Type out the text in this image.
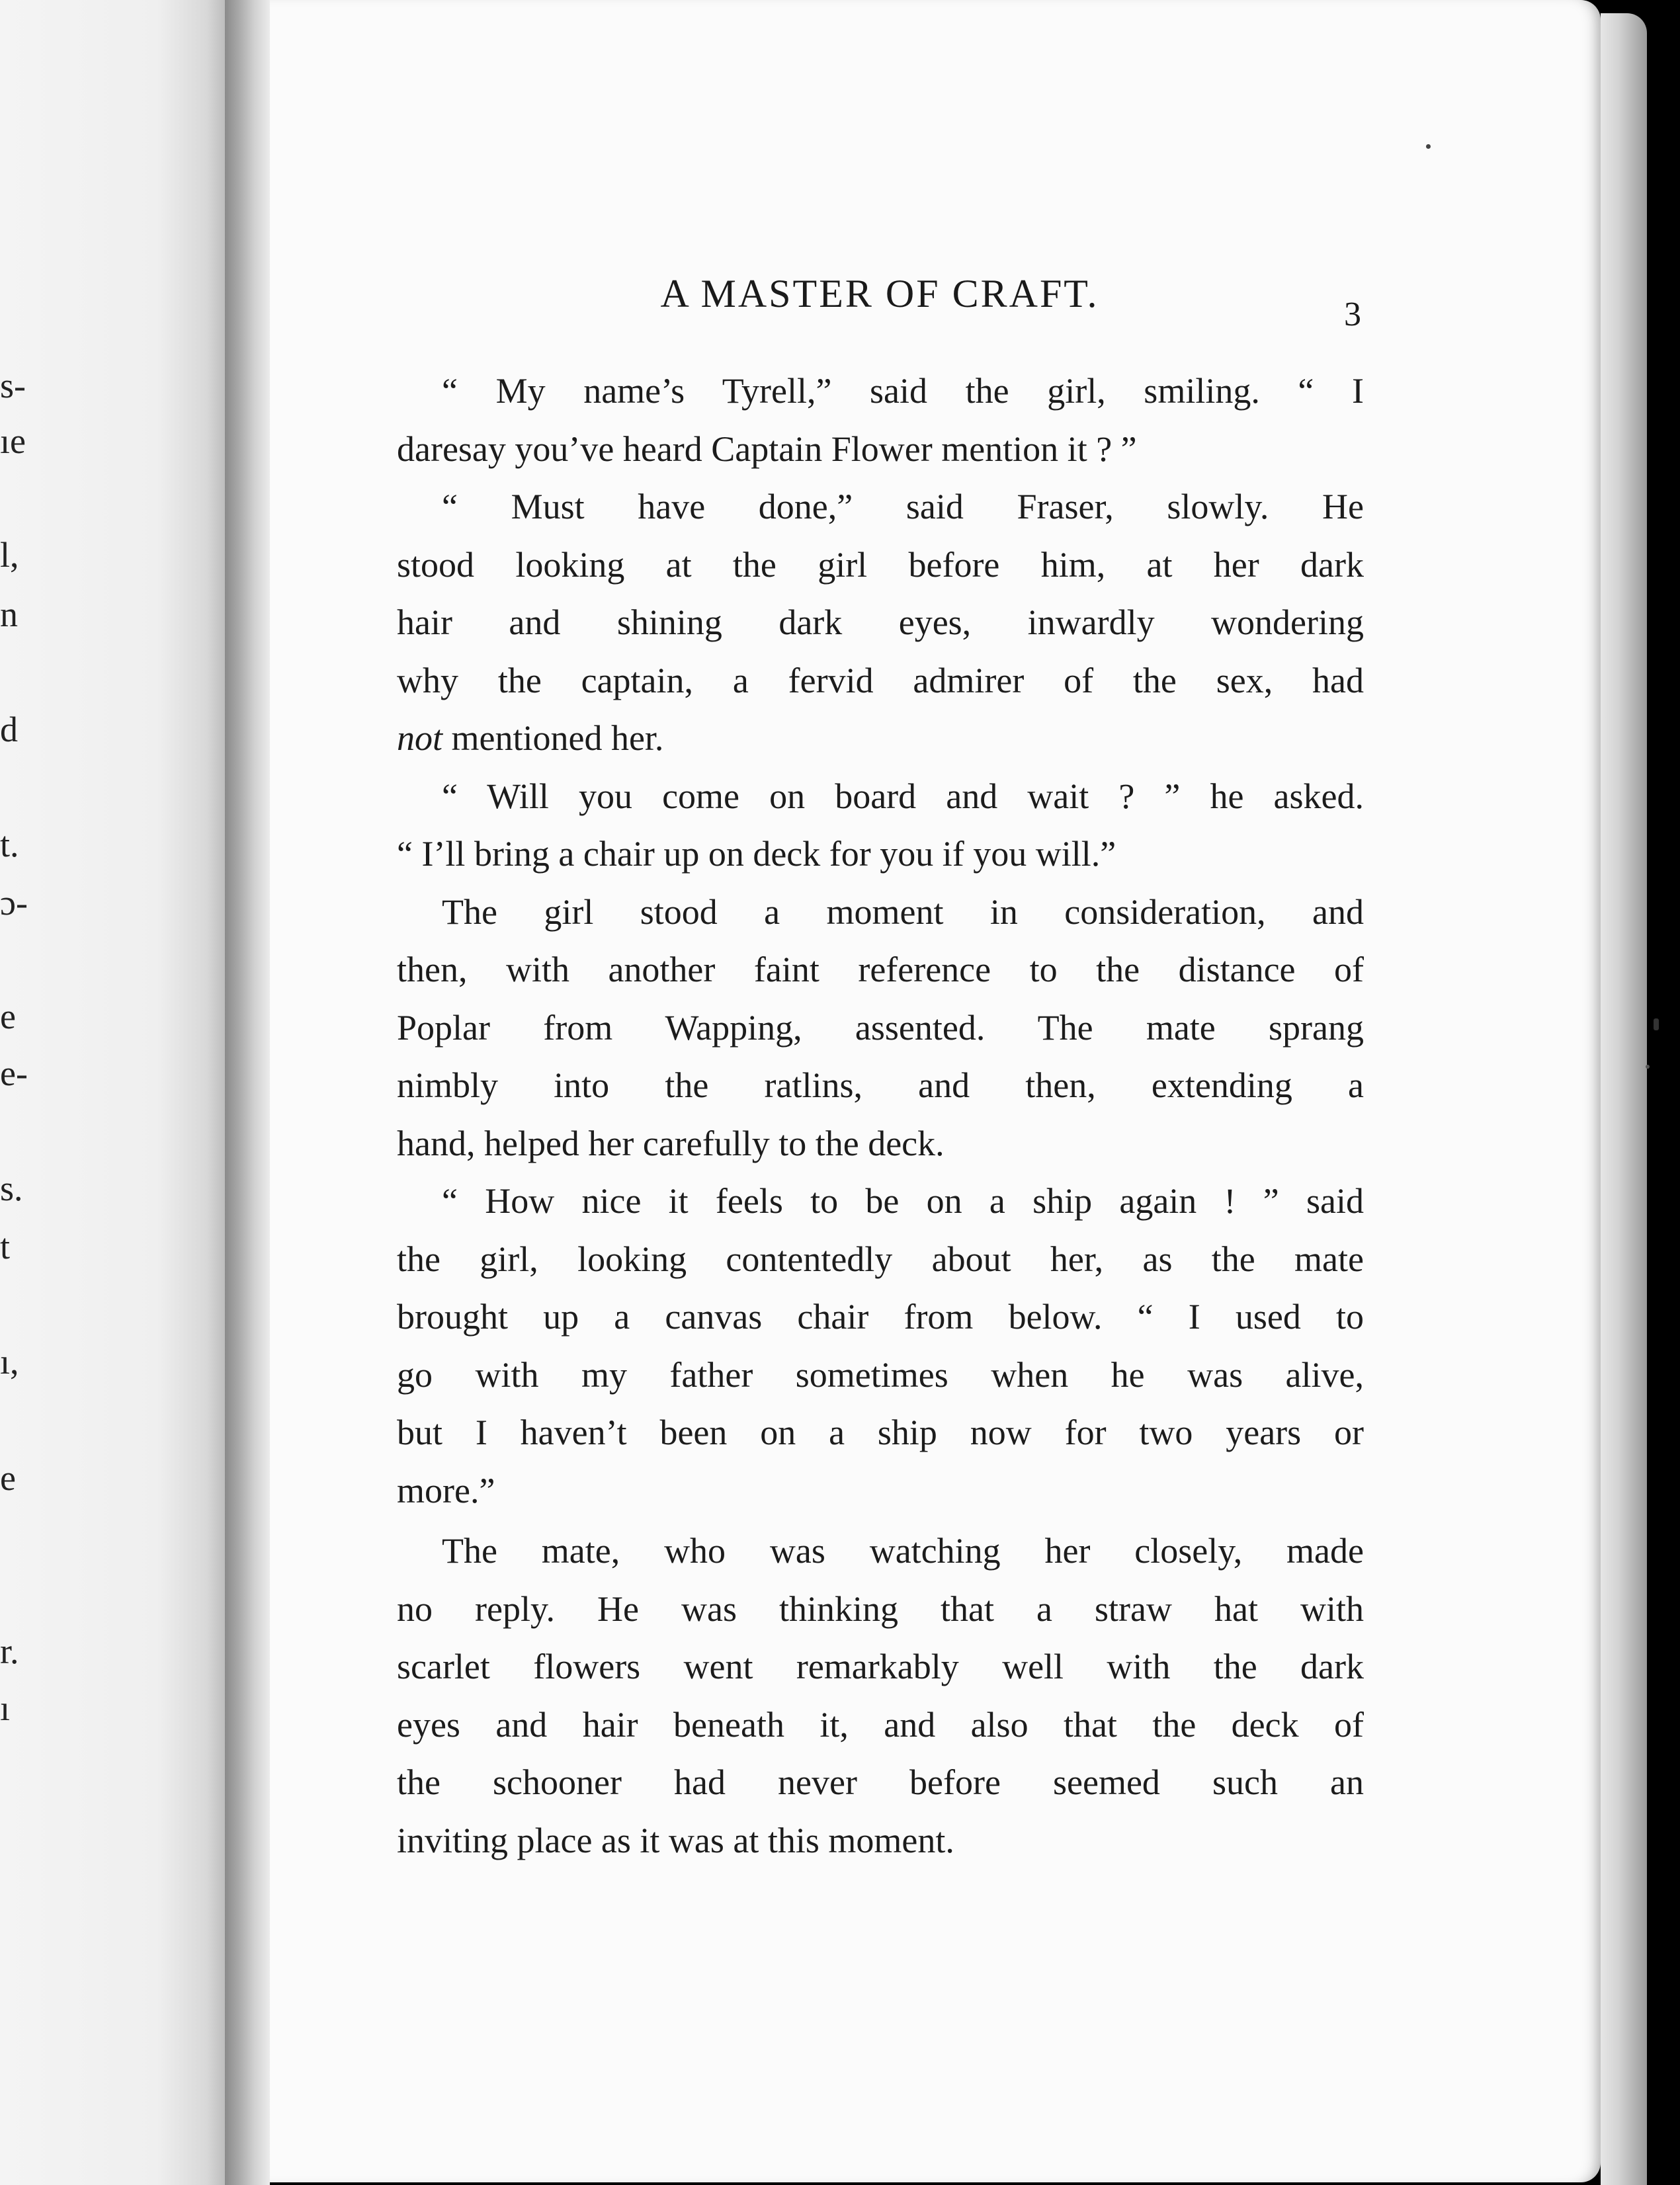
s-
ıe
l,
n
d
t.
ɔ-
e
e-
s.
t
ı,
e
r.
ı
A MASTER OF CRAFT.	3
“ My name’s Tyrell,” said the girl, smiling. “ I
daresay you’ve heard Captain Flower mention it ? ”
“ Must have done,” said Fraser, slowly. He
stood looking at the girl before him, at her dark
hair and shining dark eyes, inwardly wondering
why the captain, a fervid admirer of the sex, had
not mentioned her.
“ Will you come on board and wait ? ” he asked.
“ I’ll bring a chair up on deck for you if you will.”
The girl stood a moment in consideration, and
then, with another faint reference to the distance of
Poplar from Wapping, assented. The mate sprang
nimbly into the ratlins, and then, extending a
hand, helped her carefully to the deck.
“ How nice it feels to be on a ship again ! ” said
the girl, looking contentedly about her, as the mate
brought up a canvas chair from below. “ I used to
go with my father sometimes when he was alive,
but I haven’t been on a ship now for two years or
more.”
The mate, who was watching her closely, made
no reply. He was thinking that a straw hat with
scarlet flowers went remarkably well with the dark
eyes and hair beneath it, and also that the deck of
the schooner had never before seemed such an
inviting place as it was at this moment.
